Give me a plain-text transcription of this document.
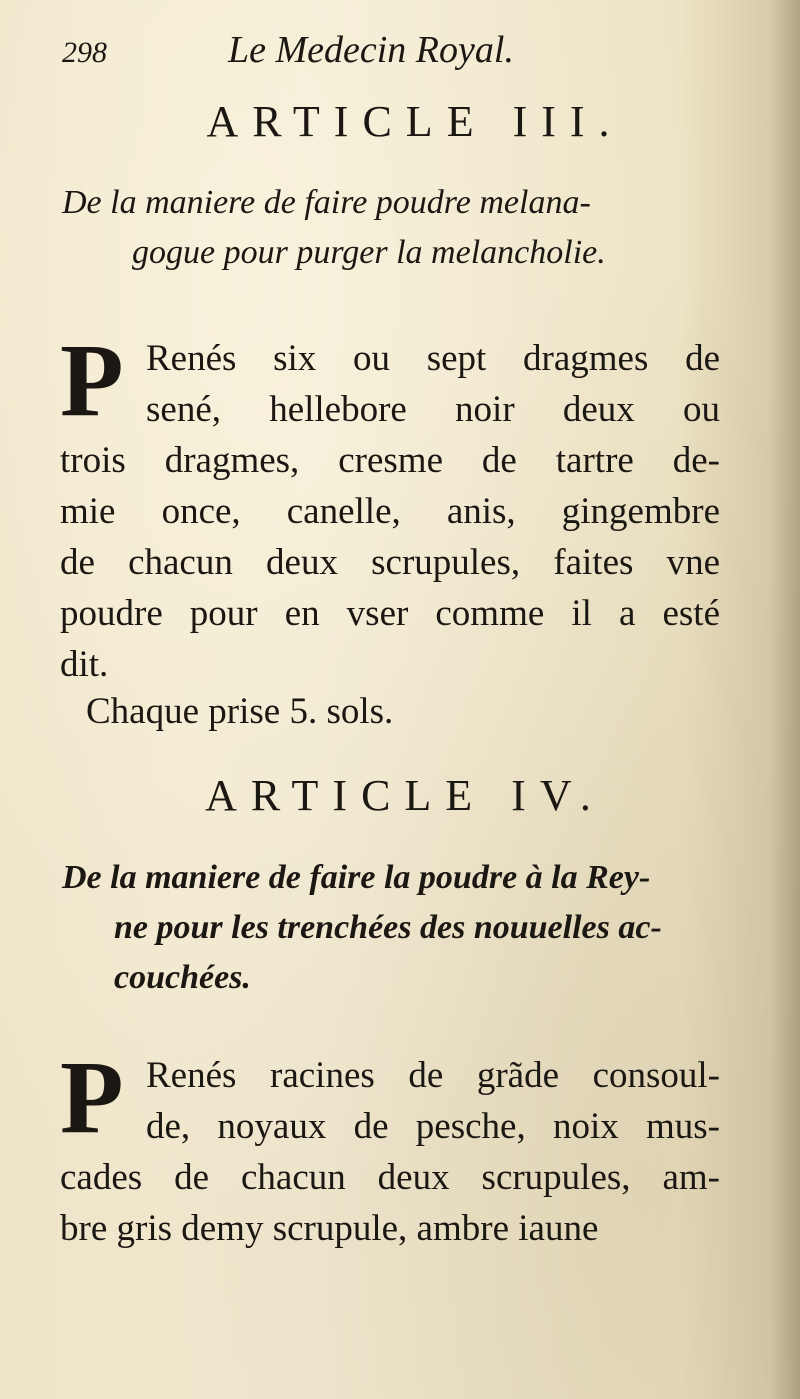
298	Le Medecin Royal.
ARTICLE III.
De la maniere de faire poudre melana-
gogue pour purger la melancholie.
P Renés six ou sept dragmes de
sené, hellebore noir deux ou
trois dragmes, cresme de tartre de-
mie once, canelle, anis, gingembre
de chacun deux scrupules, faites vne
poudre pour en vser comme il a esté
dit.
Chaque prise 5. sols.
ARTICLE IV.
De la maniere de faire la poudre à la Rey-
ne pour les trenchées des nouuelles ac-
couchées.
P Renés racines de grãde consoul-
de, noyaux de pesche, noix mus-
cades de chacun deux scrupules, am-
bre gris demy scrupule, ambre iaune
